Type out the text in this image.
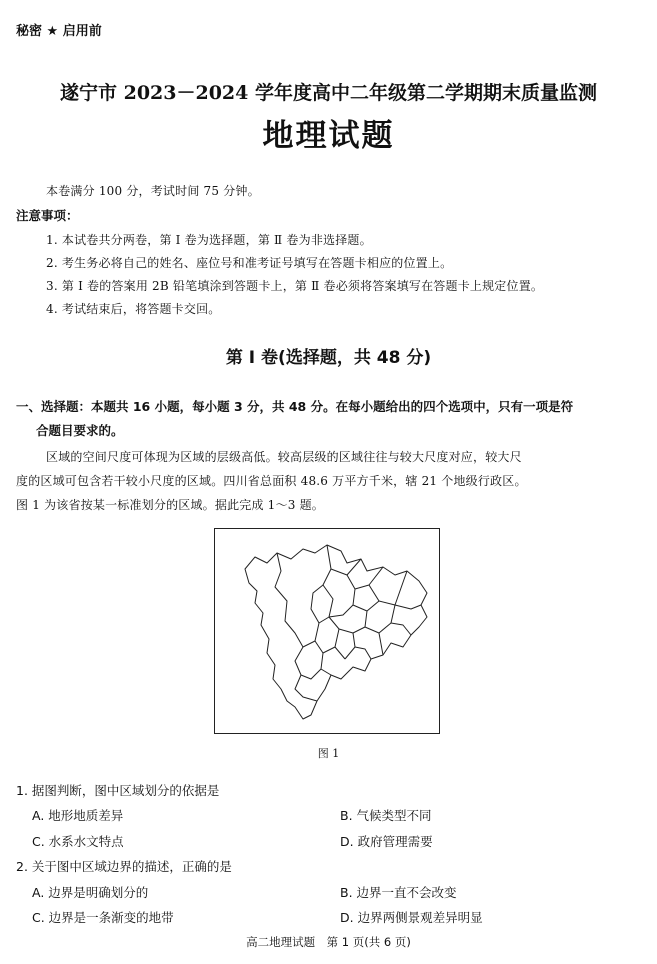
秘密 ★ 启用前
遂宁市 2023－2024 学年度高中二年级第二学期期末质量监测
地理试题
本卷满分 100 分，考试时间 75 分钟。
注意事项：
1. 本试卷共分两卷，第 Ⅰ 卷为选择题，第 Ⅱ 卷为非选择题。
2. 考生务必将自己的姓名、座位号和准考证号填写在答题卡相应的位置上。
3. 第 Ⅰ 卷的答案用 2B 铅笔填涂到答题卡上，第 Ⅱ 卷必须将答案填写在答题卡上规定位置。
4. 考试结束后，将答题卡交回。
第 Ⅰ 卷(选择题，共 48 分)
一、选择题：本题共 16 小题，每小题 3 分，共 48 分。在每小题给出的四个选项中，只有一项是符
合题目要求的。
区域的空间尺度可体现为区域的层级高低。较高层级的区域往往与较大尺度对应，较大尺
度的区域可包含若干较小尺度的区域。四川省总面积 48.6 万平方千米，辖 21 个地级行政区。
图 1 为该省按某一标准划分的区域。据此完成 1～3 题。
图 1
1. 据图判断，图中区域划分的依据是
A. 地形地质差异	B. 气候类型不同
C. 水系水文特点	D. 政府管理需要
2. 关于图中区域边界的描述，正确的是
A. 边界是明确划分的	B. 边界一直不会改变
C. 边界是一条渐变的地带	D. 边界两侧景观差异明显
高二地理试题　第 1 页(共 6 页)
